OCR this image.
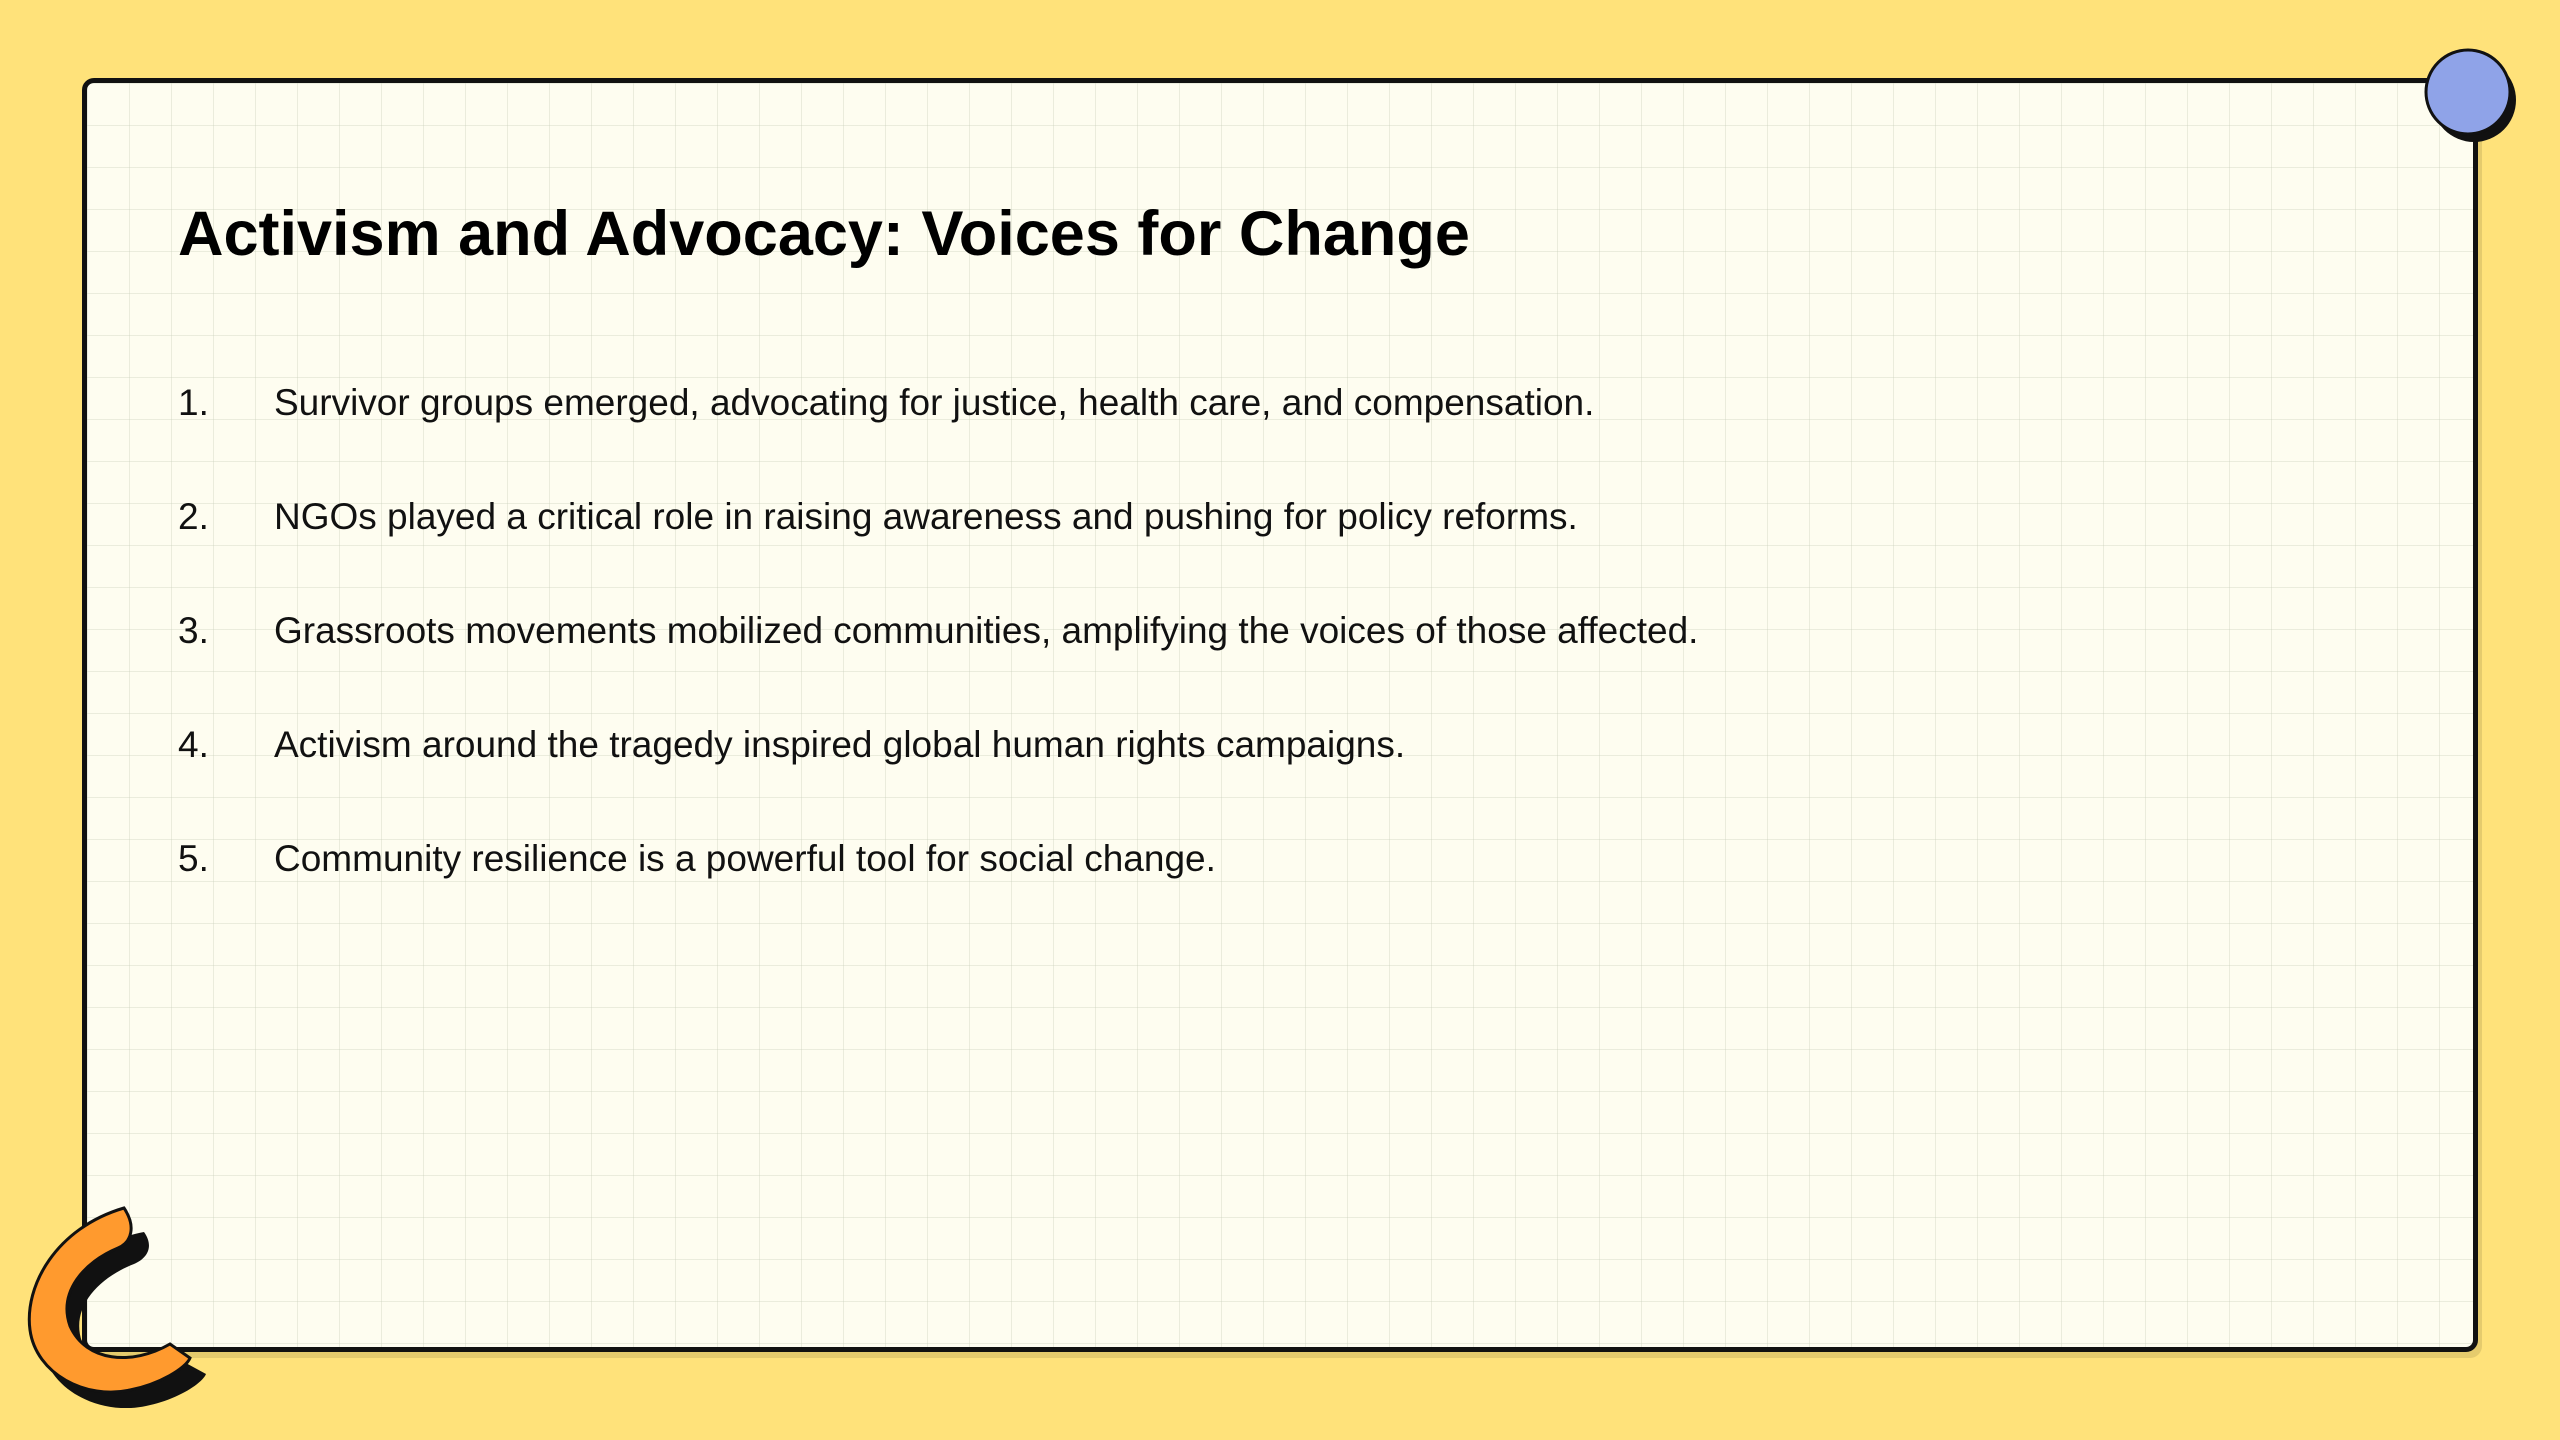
Activism and Advocacy: Voices for Change
1.	Survivor groups emerged, advocating for justice, health care, and compensation.
2.	NGOs played a critical role in raising awareness and pushing for policy reforms.
3.	Grassroots movements mobilized communities, amplifying the voices of those affected.
4.	Activism around the tragedy inspired global human rights campaigns.
5.	Community resilience is a powerful tool for social change.
